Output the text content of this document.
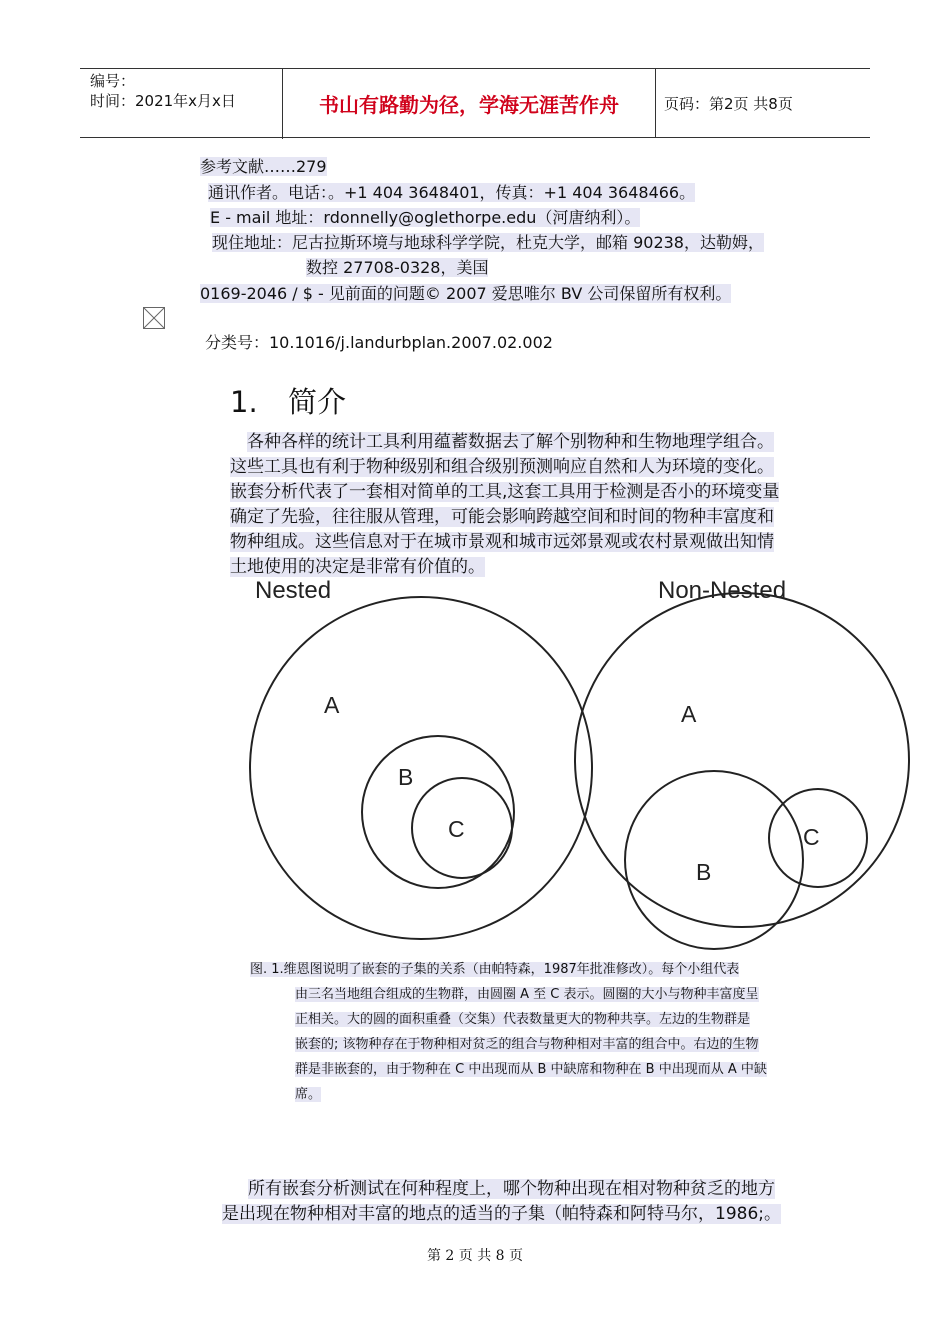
编号：
时间：2021年x月x日	书山有路勤为径，学海无涯苦作舟	页码：第2页 共8页
参考文献……279
通讯作者。电话：。+1 404 3648401，传真：+1 404 3648466。
E - mail 地址：rdonnelly@oglethorpe.edu（河唐纳利）。
现住地址：尼古拉斯环境与地球科学学院，杜克大学，邮箱 90238，达勒姆，
数控 27708-0328，美国
0169-2046 / $ - 见前面的问题© 2007 爱思唯尔 BV 公司保留所有权利。
分类号：10.1016/j.landurbplan.2007.02.002
1. 简介
各种各样的统计工具利用蕴蓄数据去了解个别物种和生物地理学组合。
这些工具也有利于物种级别和组合级别预测响应自然和人为环境的变化。
嵌套分析代表了一套相对简单的工具,这套工具用于检测是否小的环境变量
确定了先验，往往服从管理，可能会影响跨越空间和时间的物种丰富度和
物种组成。这些信息对于在城市景观和城市远郊景观或农村景观做出知情
土地使用的决定是非常有价值的。
Nested	Non-Nested
A
B
C
A
B
C
图. 1.维恩图说明了嵌套的子集的关系（由帕特森，1987年批准修改）。每个小组代表
由三名当地组合组成的生物群，由圆圈 A 至 C 表示。圆圈的大小与物种丰富度呈
正相关。大的圆的面积重叠（交集）代表数量更大的物种共享。左边的生物群是
嵌套的; 该物种存在于物种相对贫乏的组合与物种相对丰富的组合中。右边的生物
群是非嵌套的，由于物种在 C 中出现而从 B 中缺席和物种在 B 中出现而从 A 中缺
席。
所有嵌套分析测试在何种程度上，哪个物种出现在相对物种贫乏的地方
是出现在物种相对丰富的地点的适当的子集（帕特森和阿特马尔，1986;。
第 2 页 共 8 页
